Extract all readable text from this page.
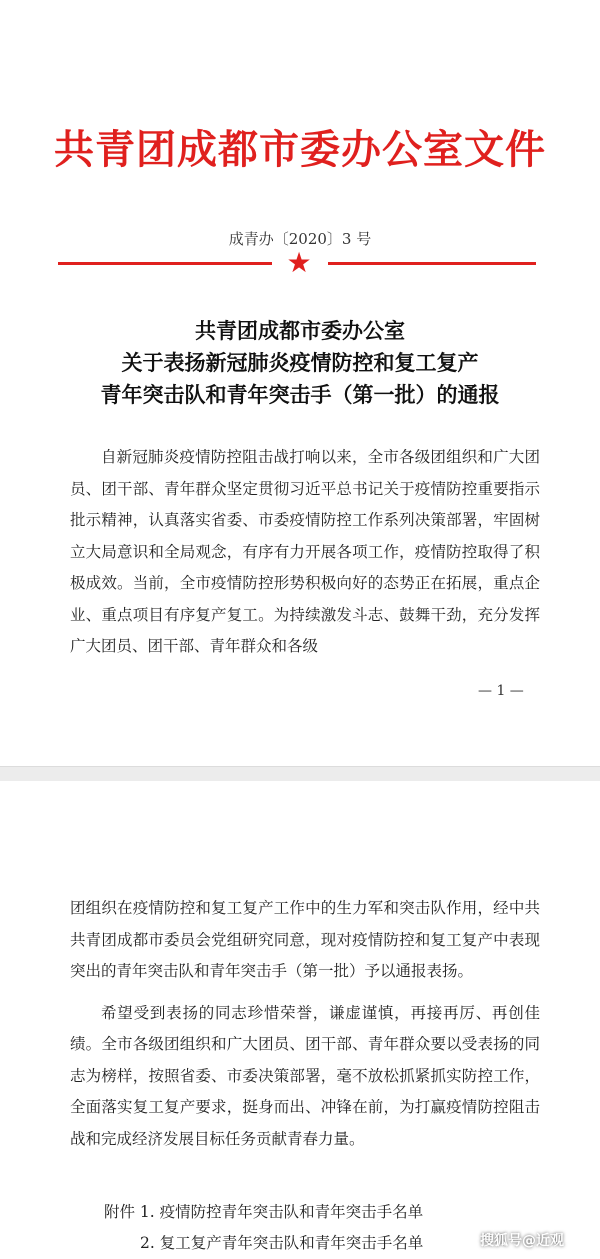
共青团成都市委办公室文件
成青办〔2020〕3 号
★
共青团成都市委办公室
关于表扬新冠肺炎疫情防控和复工复产
青年突击队和青年突击手（第一批）的通报

自新冠肺炎疫情防控阻击战打响以来，全市各级团组织和广大团员、团干部、青年群众坚定贯彻习近平总书记关于疫情防控重要指示批示精神，认真落实省委、市委疫情防控工作系列决策部署，牢固树立大局意识和全局观念，有序有力开展各项工作，疫情防控取得了积极成效。当前，全市疫情防控形势积极向好的态势正在拓展，重点企业、重点项目有序复产复工。为持续激发斗志、鼓舞干劲，充分发挥广大团员、团干部、青年群众和各级

— 1 —

团组织在疫情防控和复工复产工作中的生力军和突击队作用，经中共共青团成都市委员会党组研究同意，现对疫情防控和复工复产中表现突出的青年突击队和青年突击手（第一批）予以通报表扬。

希望受到表扬的同志珍惜荣誉，谦虚谨慎，再接再厉、再创佳绩。全市各级团组织和广大团员、团干部、青年群众要以受表扬的同志为榜样，按照省委、市委决策部署，毫不放松抓紧抓实防控工作，全面落实复工复产要求，挺身而出、冲锋在前，为打赢疫情防控阻击战和完成经济发展目标任务贡献青春力量。

附件 1. 疫情防控青年突击队和青年突击手名单
2. 复工复产青年突击队和青年突击手名单	搜狐号@近观
